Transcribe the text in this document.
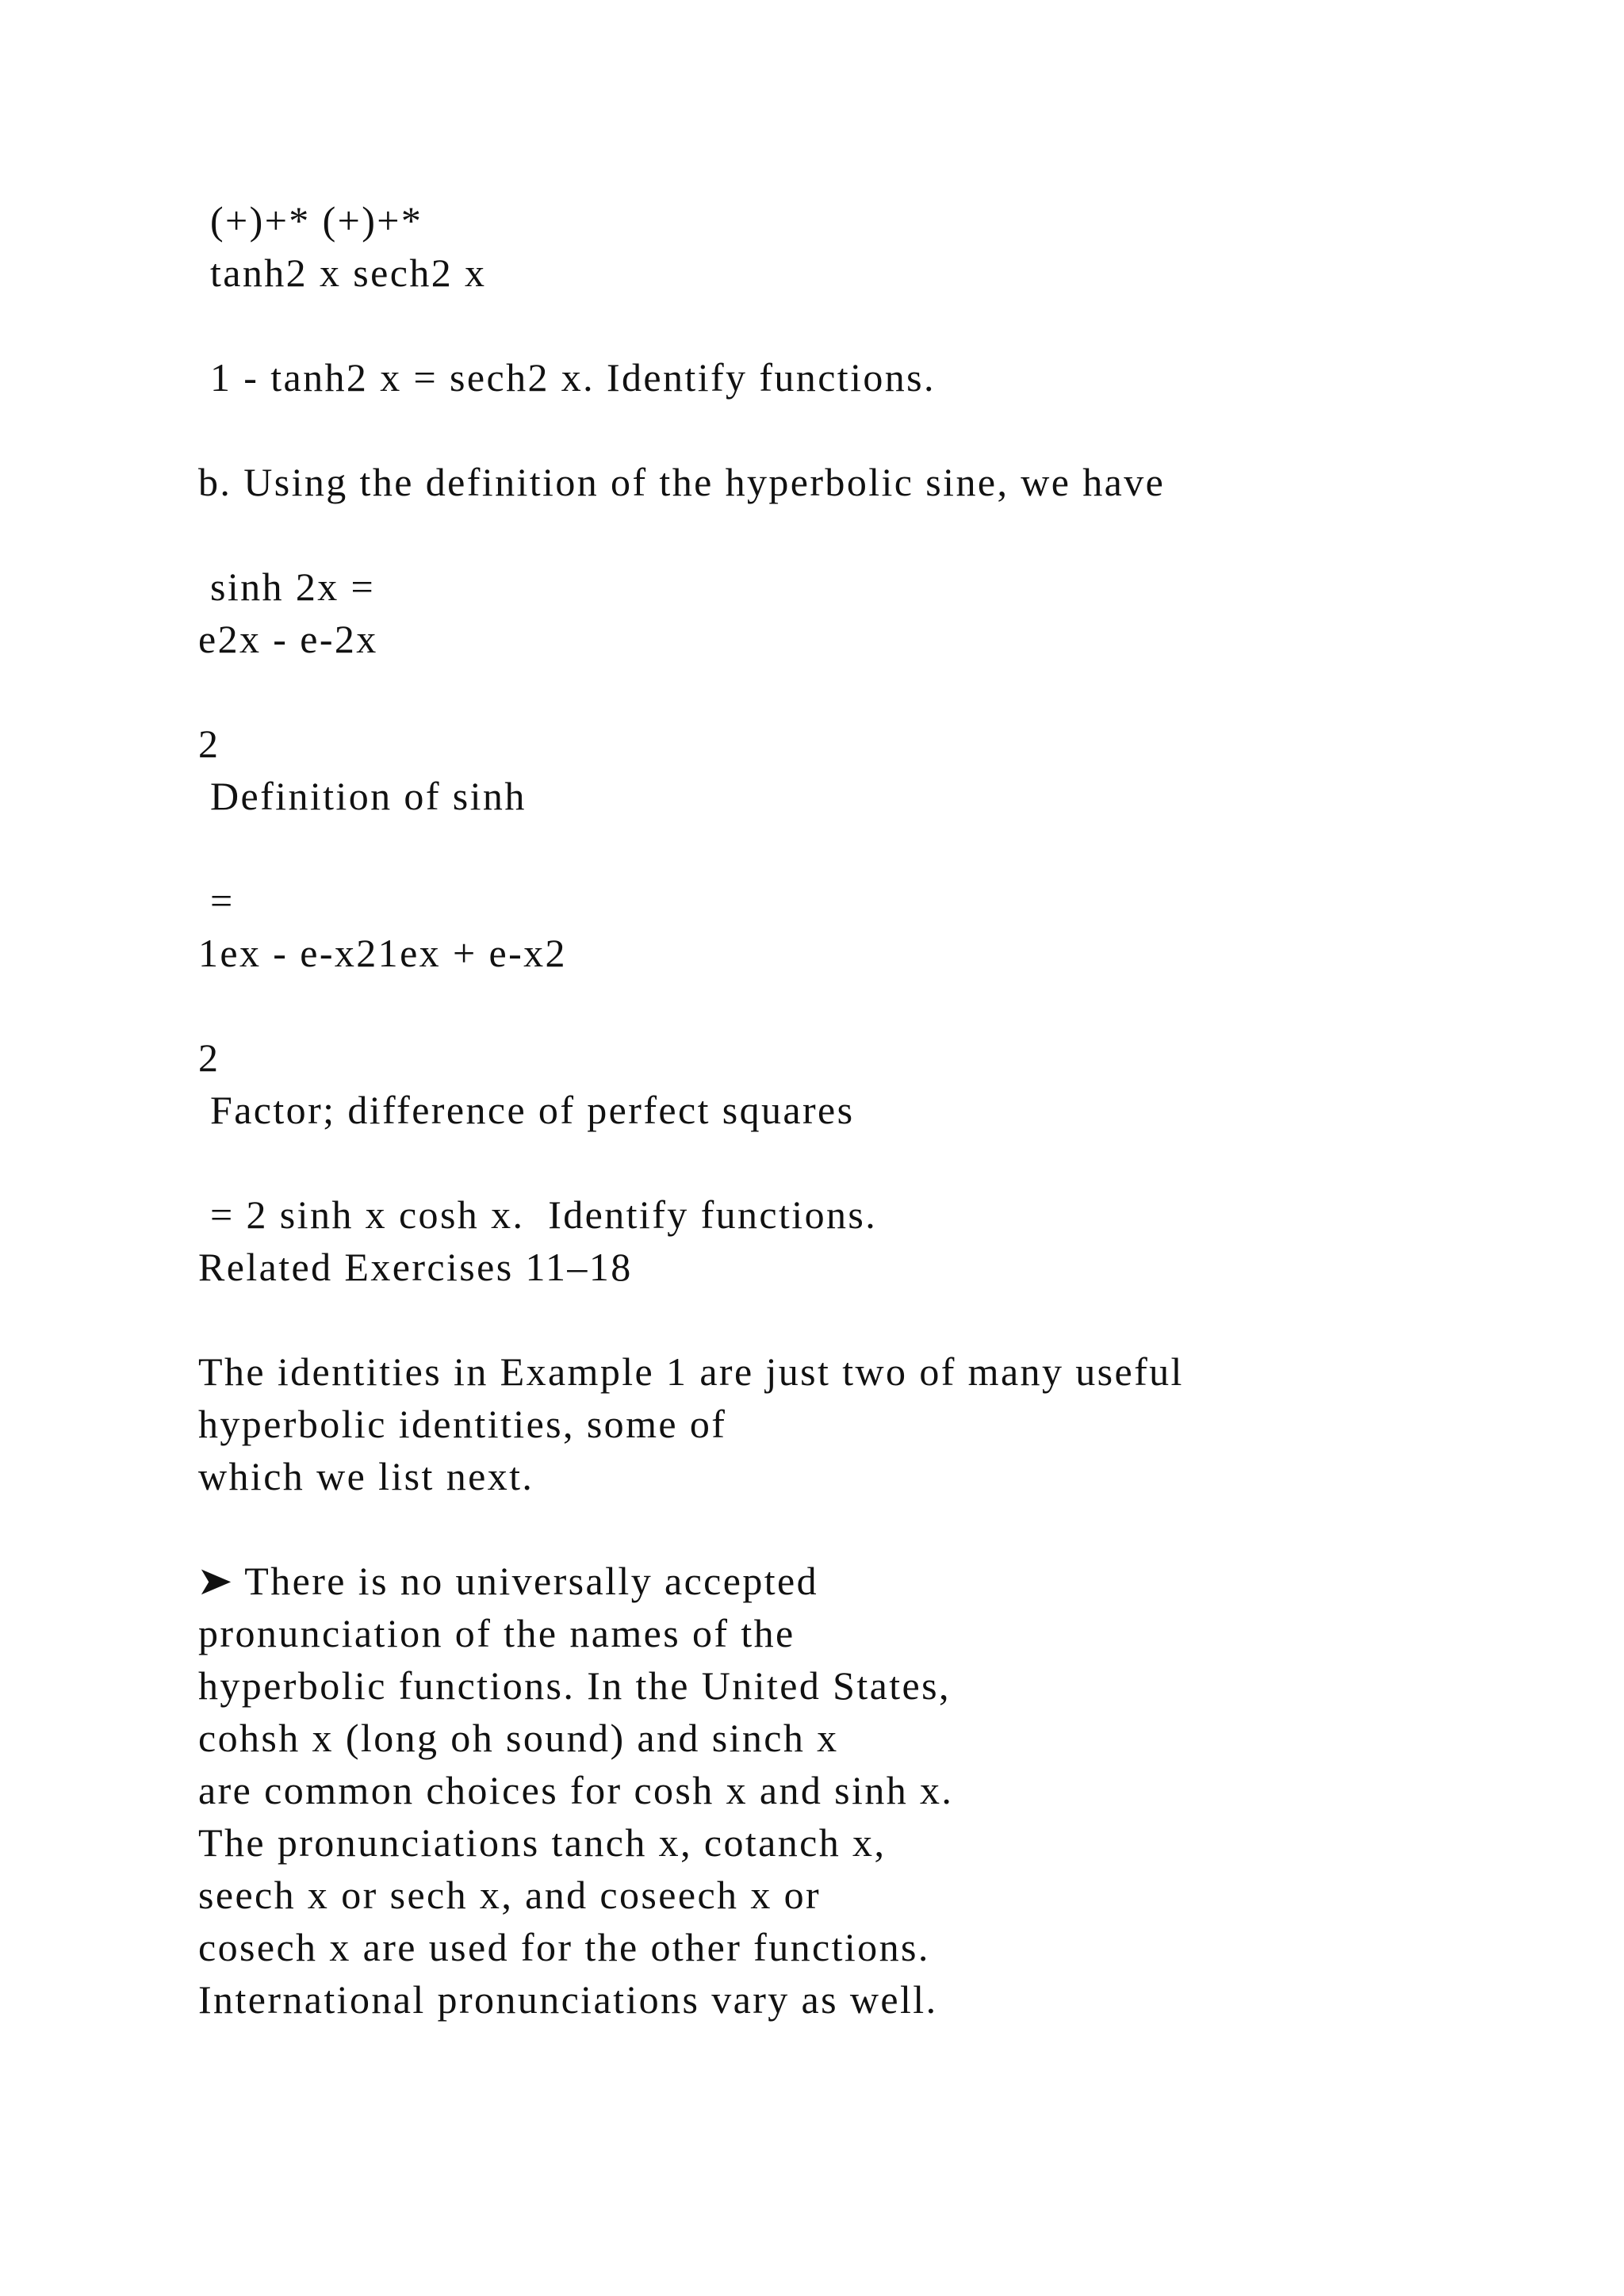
(+)+* (+)+*
tanh2 x sech2 x
1 - tanh2 x = sech2 x. Identify functions.
b. Using the definition of the hyperbolic sine, we have
sinh 2x =
e2x - e-2x
2
Definition of sinh
=
1ex - e-x21ex + e-x2
2
Factor; difference of perfect squares
= 2 sinh x cosh x.  Identify functions.
Related Exercises 11–18
The identities in Example 1 are just two of many useful
hyperbolic identities, some of
which we list next.
➤ There is no universally accepted
pronunciation of the names of the
hyperbolic functions. In the United States,
cohsh x (long oh sound) and sinch x
are common choices for cosh x and sinh x.
The pronunciations tanch x, cotanch x,
seech x or sech x, and coseech x or
cosech x are used for the other functions.
International pronunciations vary as well.
